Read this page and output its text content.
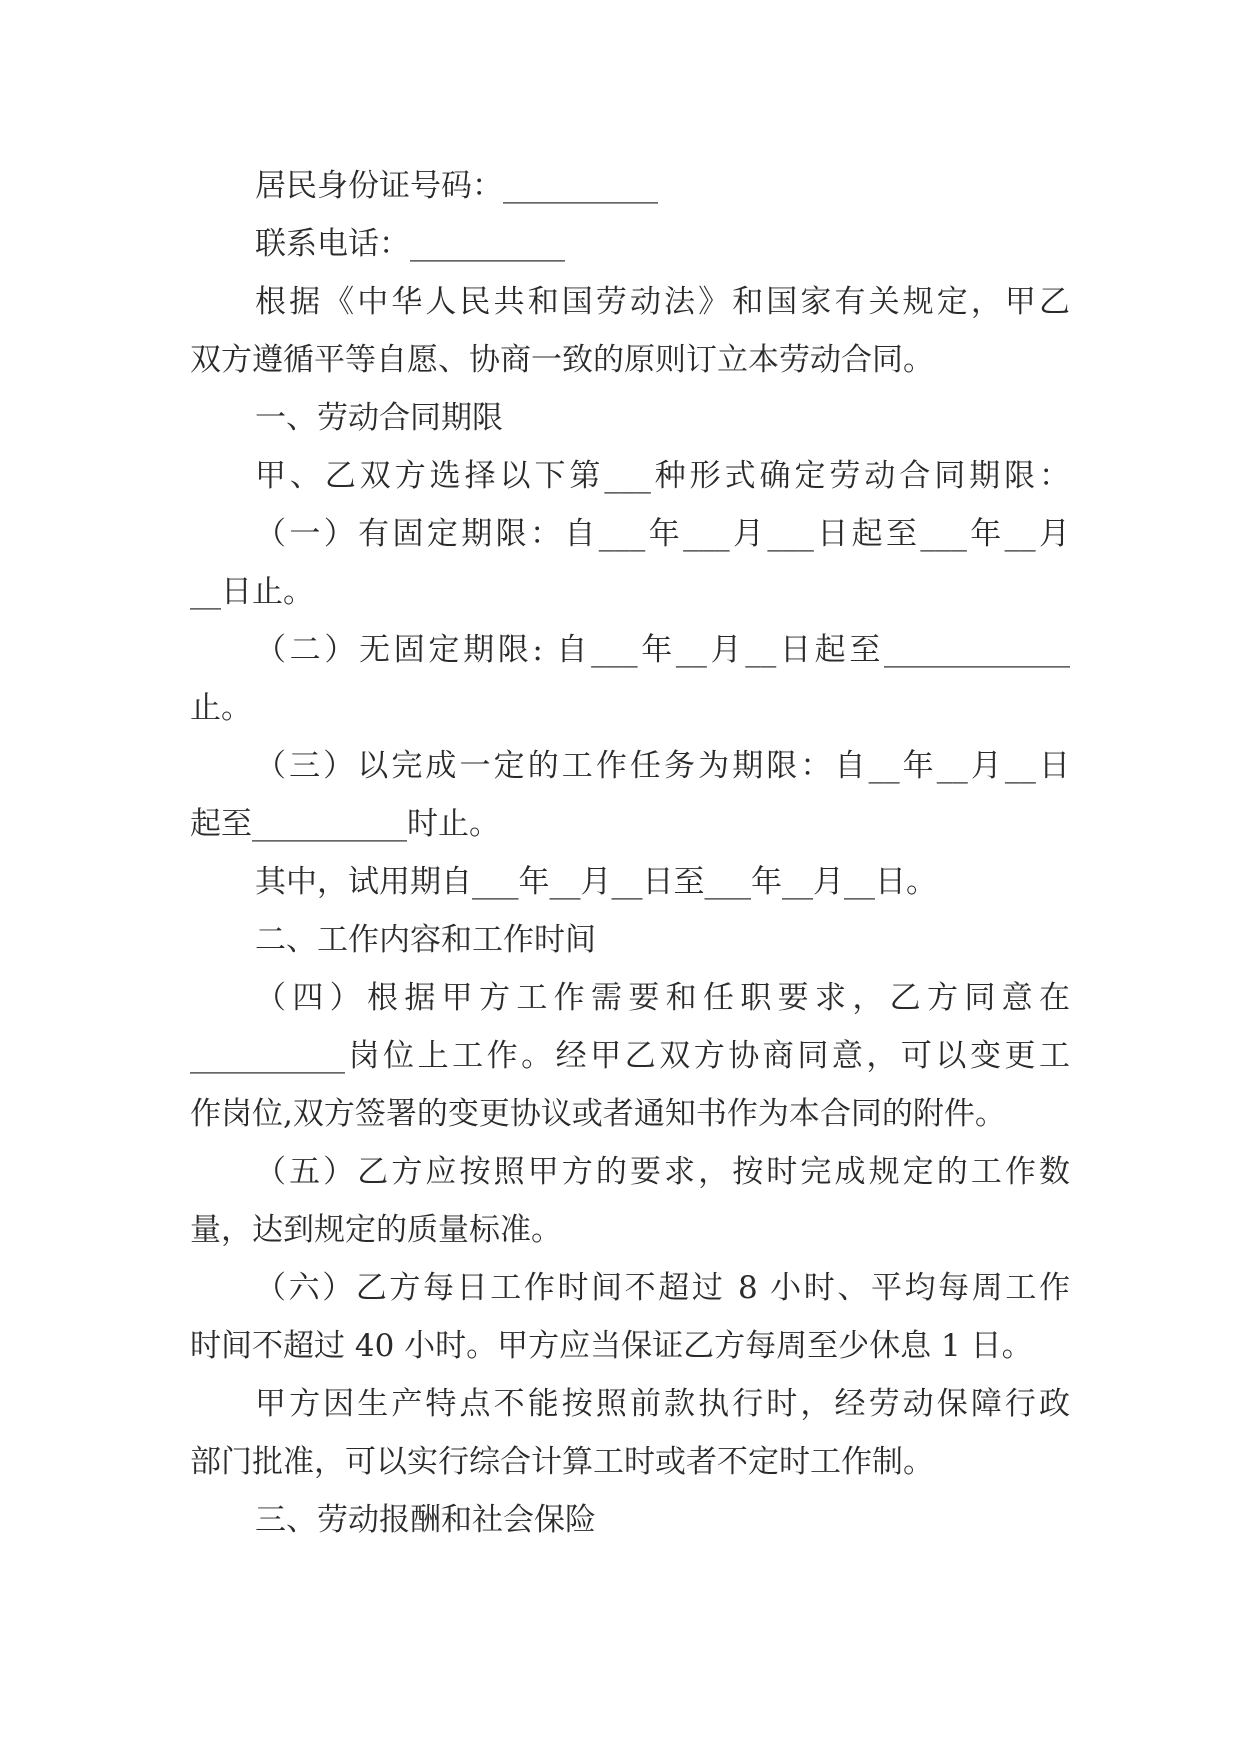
居民身份证号码：__________
联系电话：__________
根据《中华人民共和国劳动法》和国家有关规定，甲乙
双方遵循平等自愿、协商一致的原则订立本劳动合同。
一、劳动合同期限
甲、乙双方选择以下第___种形式确定劳动合同期限：
（一）有固定期限：自___年___月___日起至___年__月
__日止。
（二）无固定期限: 自___年__月__日起至____________
止。
（三）以完成一定的工作任务为期限：自__年__月__日
起至__________时止。
其中，试用期自___年__月__日至___年__月__日。
二、工作内容和工作时间
（四）根据甲方工作需要和任职要求，乙方同意在
__________岗位上工作。经甲乙双方协商同意，可以变更工
作岗位,双方签署的变更协议或者通知书作为本合同的附件。
（五）乙方应按照甲方的要求，按时完成规定的工作数
量，达到规定的质量标准。
（六）乙方每日工作时间不超过 8 小时、平均每周工作
时间不超过 40 小时。甲方应当保证乙方每周至少休息 1 日。
甲方因生产特点不能按照前款执行时，经劳动保障行政
部门批准，可以实行综合计算工时或者不定时工作制。
三、劳动报酬和社会保险
